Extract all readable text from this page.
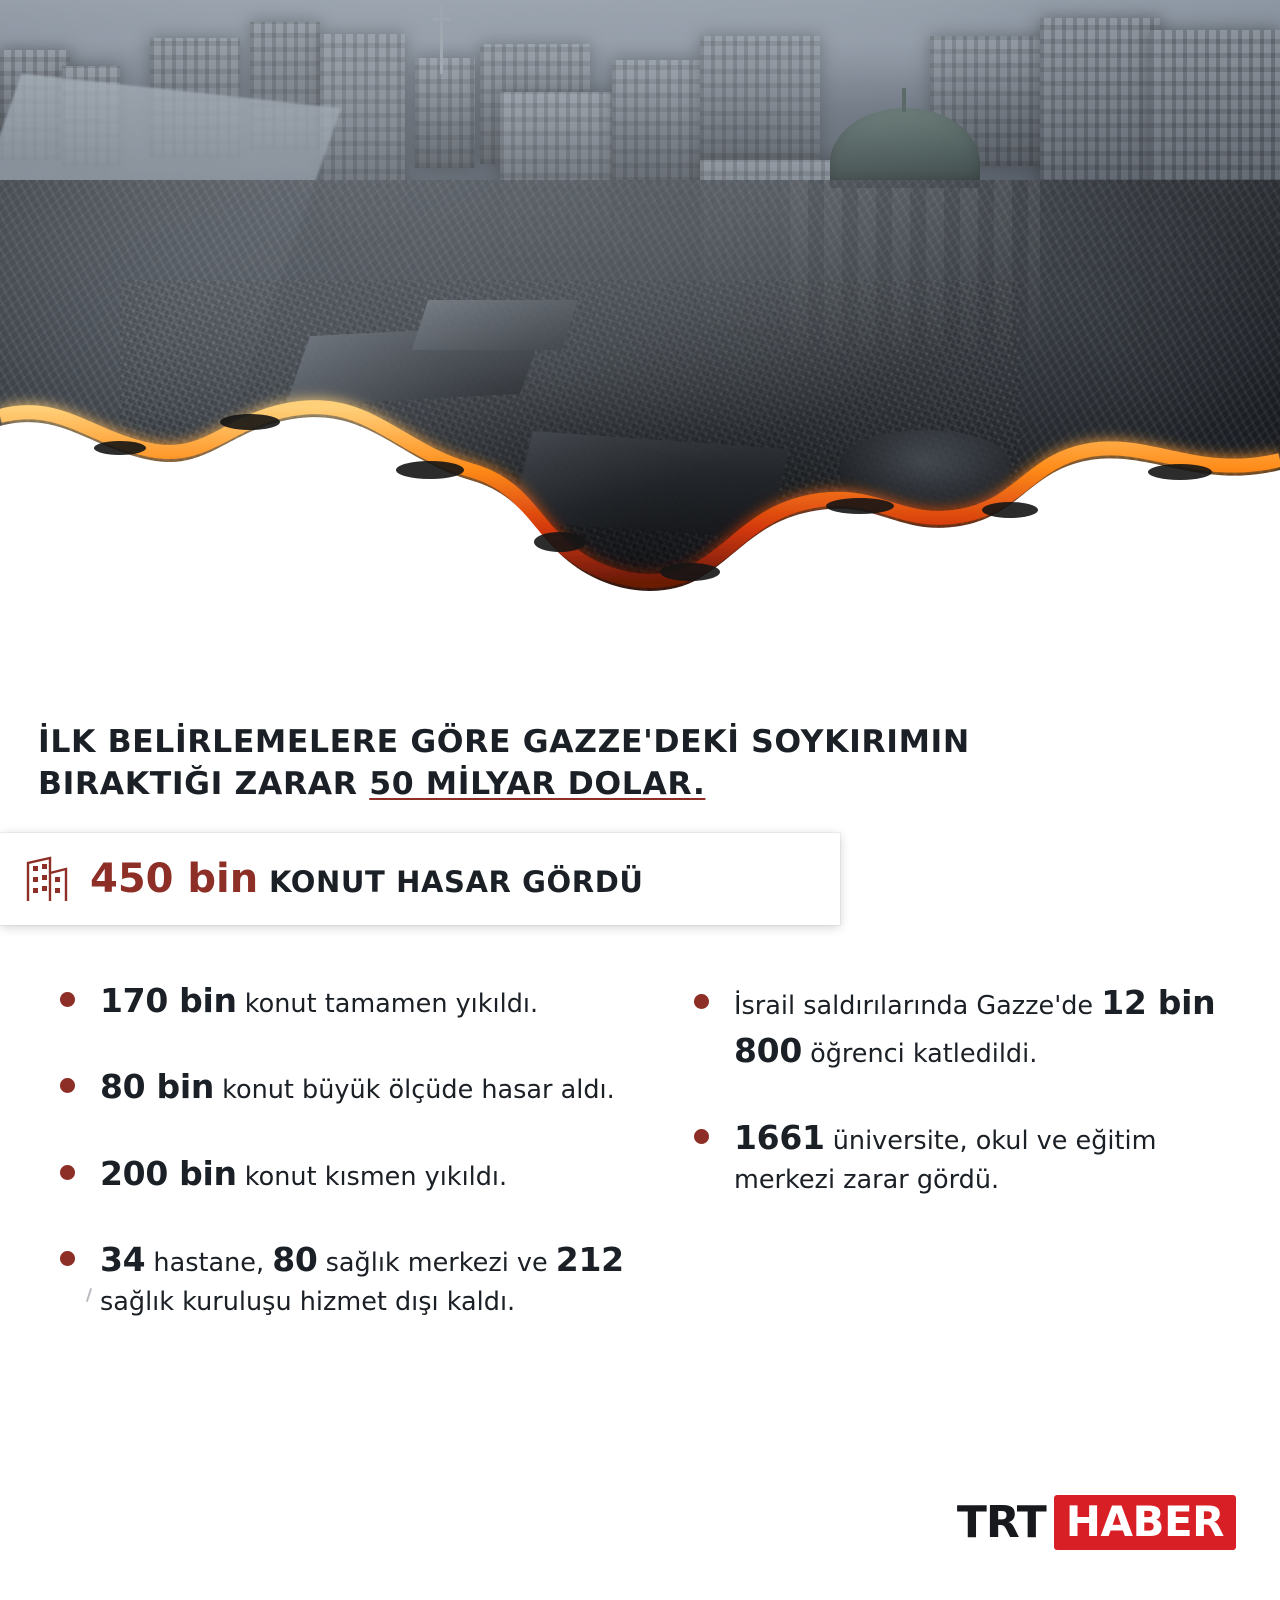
İLK BELİRLEMELERE GÖRE GAZZE'DEKİ SOYKIRIMIN
BIRAKTIĞI ZARAR 50 MİLYAR DOLAR.
450 bin KONUT HASAR GÖRDÜ
170 bin konut tamamen yıkıldı.
80 bin konut büyük ölçüde hasar aldı.
200 bin konut kısmen yıkıldı.
34 hastane, 80 sağlık merkezi ve 212 sağlık kuruluşu hizmet dışı kaldı.
İsrail saldırılarında Gazze'de 12 bin 800 öğrenci katledildi.
1661 üniversite, okul ve eğitim merkezi zarar gördü.
TRT HABER
